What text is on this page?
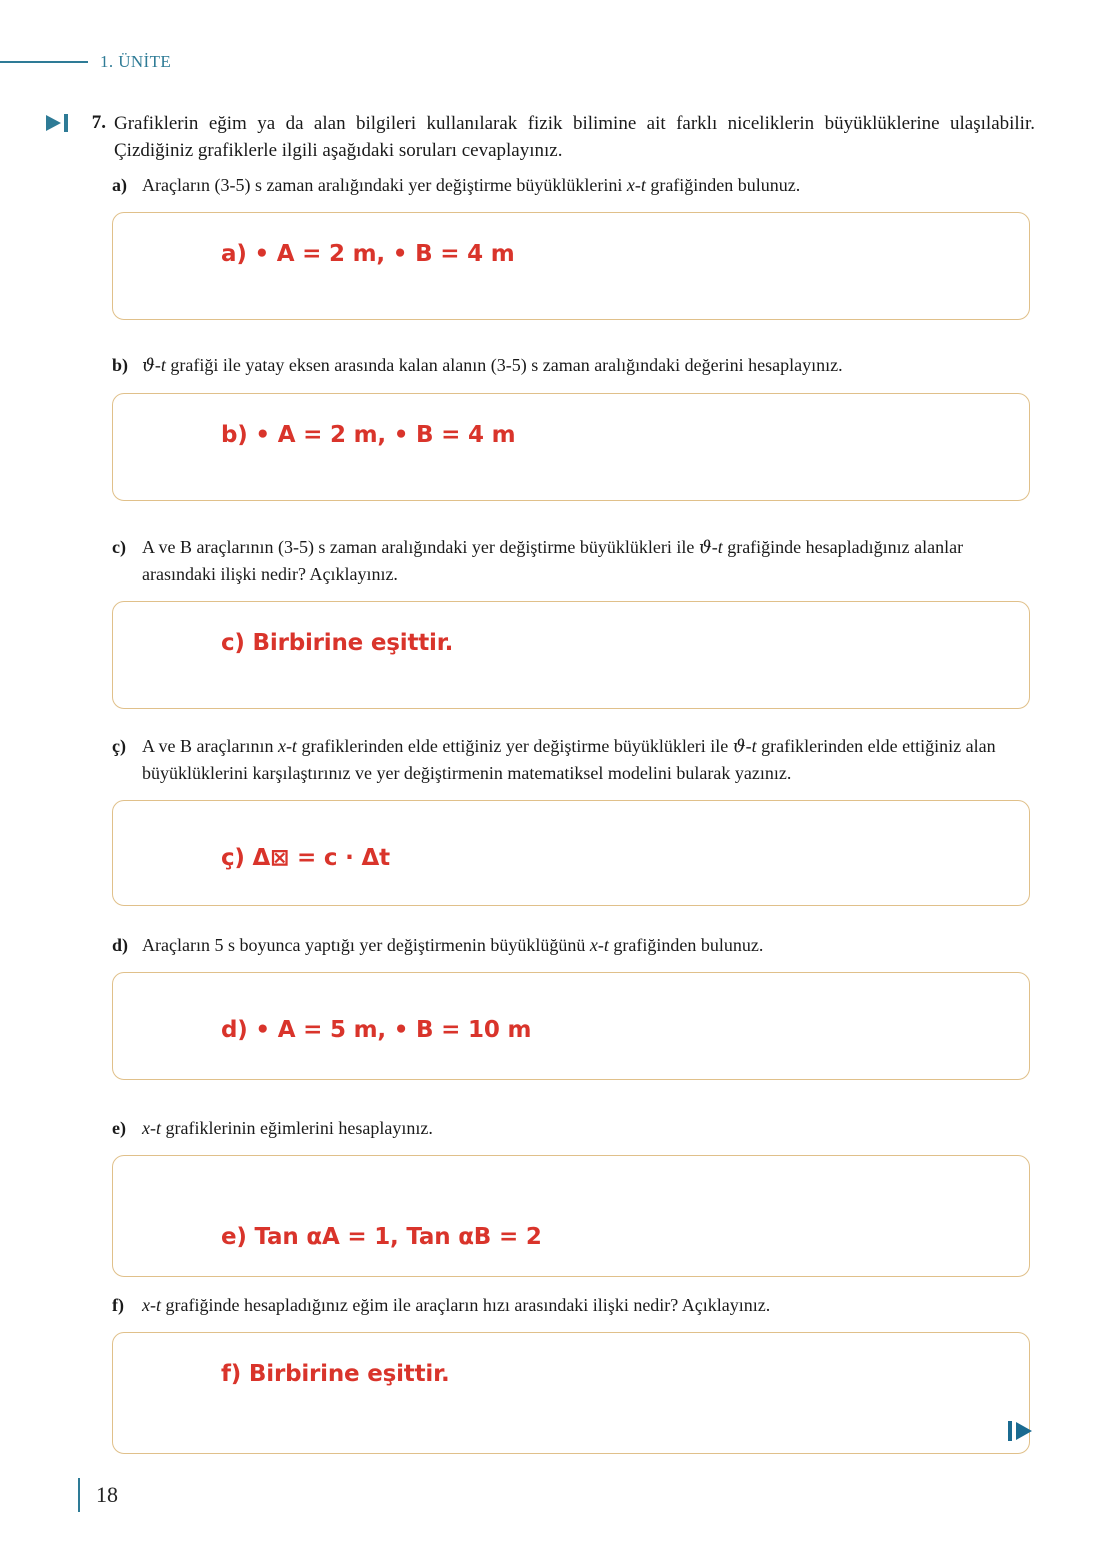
1. ÜNİTE
7. Grafiklerin eğim ya da alan bilgileri kullanılarak fizik bilimine ait farklı niceliklerin büyüklüklerine ulaşılabilir. Çizdiğiniz grafiklerle ilgili aşağıdaki soruları cevaplayınız.
a) Araçların (3-5) s zaman aralığındaki yer değiştirme büyüklüklerini x-t grafiğinden bulunuz.
a) • A = 2 m, • B = 4 m
b) ϑ-t grafiği ile yatay eksen arasında kalan alanın (3-5) s zaman aralığındaki değerini hesaplayınız.
b) • A = 2 m, • B = 4 m
c) A ve B araçlarının (3-5) s zaman aralığındaki yer değiştirme büyüklükleri ile ϑ-t grafiğinde hesapladığınız alanlar arasındaki ilişki nedir? Açıklayınız.
c) Birbirine eşittir.
ç) A ve B araçlarının x-t grafiklerinden elde ettiğiniz yer değiştirme büyüklükleri ile ϑ-t grafiklerinden elde ettiğiniz alan büyüklüklerini karşılaştırınız ve yer değiştirmenin matematiksel modelini bularak yazınız.
ç) Δ⊠ = c · Δt
d) Araçların 5 s boyunca yaptığı yer değiştirmenin büyüklüğünü x-t grafiğinden bulunuz.
d) • A = 5 m, • B = 10 m
e) x-t grafiklerinin eğimlerini hesaplayınız.
e) Tan αA = 1, Tan αB = 2
f)	x-t grafiğinde hesapladığınız eğim ile araçların hızı arasındaki ilişki nedir? Açıklayınız.
f) Birbirine eşittir.
18
